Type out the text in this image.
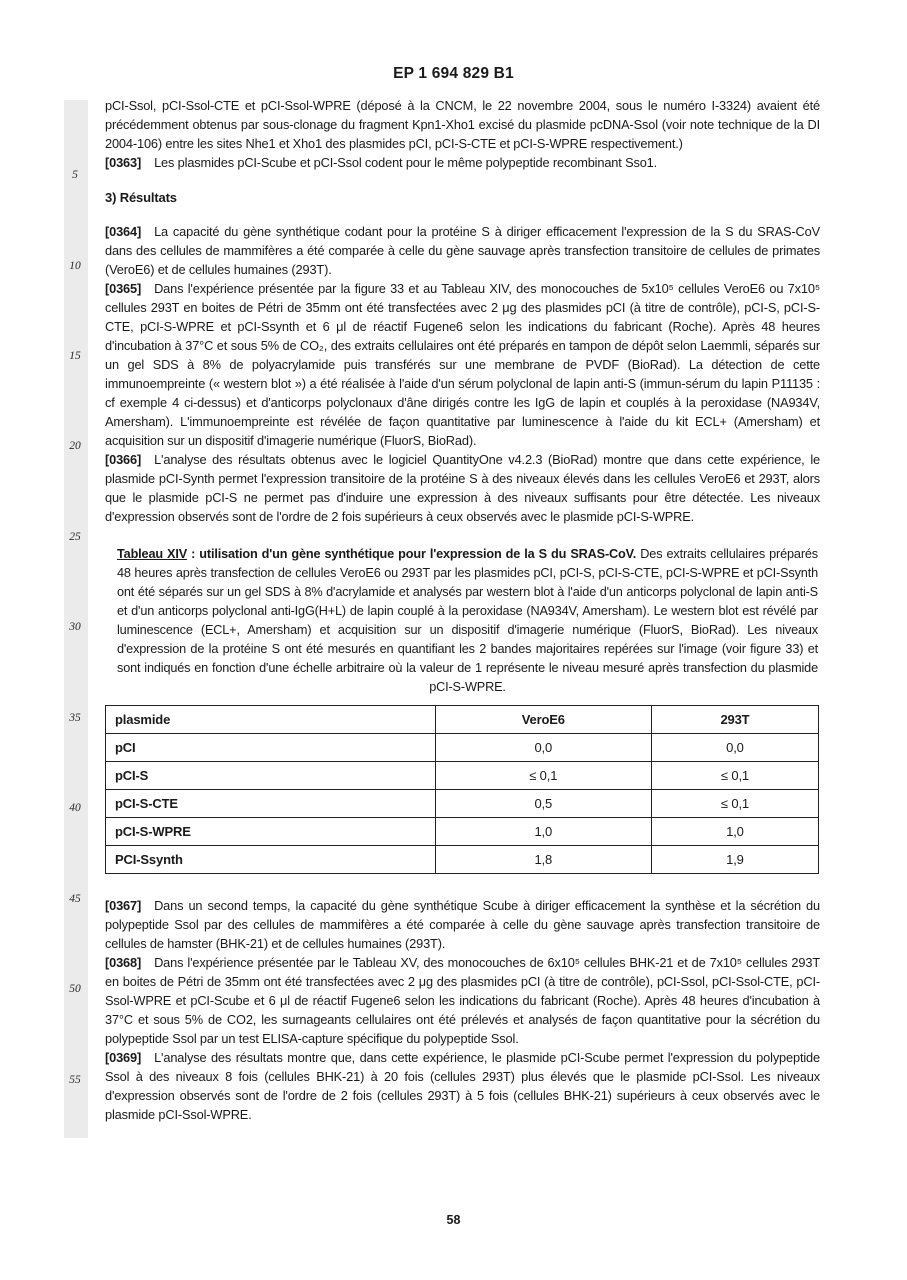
EP 1 694 829 B1
5
10
15
20
25
30
35
40
45
50
55

pCI-Ssol, pCI-Ssol-CTE et pCI-Ssol-WPRE (déposé à la CNCM, le 22 novembre 2004, sous le numéro I-3324) avaient été précédemment obtenus par sous-clonage du fragment Kpn1-Xho1 excisé du plasmide pcDNA-Ssol (voir note technique de la DI 2004-106) entre les sites Nhe1 et Xho1 des plasmides pCI, pCI-S-CTE et pCI-S-WPRE respectivement.)

[0363] Les plasmides pCI-Scube et pCI-Ssol codent pour le même polypeptide recombinant Sso1.

3) Résultats

[0364] La capacité du gène synthétique codant pour la protéine S à diriger efficacement l'expression de la S du SRAS-CoV dans des cellules de mammifères a été comparée à celle du gène sauvage après transfection transitoire de cellules de primates (VeroE6) et de cellules humaines (293T).

[0365] Dans l'expérience présentée par la figure 33 et au Tableau XIV, des monocouches de 5x10⁵ cellules VeroE6 ou 7x10⁵ cellules 293T en boites de Pétri de 35mm ont été transfectées avec 2 μg des plasmides pCI (à titre de contrôle), pCI-S, pCI-S-CTE, pCI-S-WPRE et pCI-Ssynth et 6 μl de réactif Fugene6 selon les indications du fabricant (Roche). Après 48 heures d'incubation à 37°C et sous 5% de CO₂, des extraits cellulaires ont été préparés en tampon de dépôt selon Laemmli, séparés sur un gel SDS à 8% de polyacrylamide puis transférés sur une membrane de PVDF (BioRad). La détection de cette immunoempreinte (« western blot ») a été réalisée à l'aide d'un sérum polyclonal de lapin anti-S (immun-sérum du lapin P11135 : cf exemple 4 ci-dessus) et d'anticorps polyclonaux d'âne dirigés contre les IgG de lapin et couplés à la peroxidase (NA934V, Amersham). L'immunoempreinte est révélée de façon quantitative par luminescence à l'aide du kit ECL+ (Amersham) et acquisition sur un dispositif d'imagerie numérique (FluorS, BioRad).

[0366] L'analyse des résultats obtenus avec le logiciel QuantityOne v4.2.3 (BioRad) montre que dans cette expérience, le plasmide pCI-Synth permet l'expression transitoire de la protéine S à des niveaux élevés dans les cellules VeroE6 et 293T, alors que le plasmide pCI-S ne permet pas d'induire une expression à des niveaux suffisants pour être détectée. Les niveaux d'expression observés sont de l'ordre de 2 fois supérieurs à ceux observés avec le plasmide pCI-S-WPRE.

Tableau XIV : utilisation d'un gène synthétique pour l'expression de la S du SRAS-CoV. Des extraits cellulaires préparés 48 heures après transfection de cellules VeroE6 ou 293T par les plasmides pCI, pCI-S, pCI-S-CTE, pCI-S-WPRE et pCI-Ssynth ont été séparés sur un gel SDS à 8% d'acrylamide et analysés par western blot à l'aide d'un anticorps polyclonal de lapin anti-S et d'un anticorps polyclonal anti-IgG(H+L) de lapin couplé à la peroxidase (NA934V, Amersham). Le western blot est révélé par luminescence (ECL+, Amersham) et acquisition sur un dispositif d'imagerie numérique (FluorS, BioRad). Les niveaux d'expression de la protéine S ont été mesurés en quantifiant les 2 bandes majoritaires repérées sur l'image (voir figure 33) et sont indiqués en fonction d'une échelle arbitraire où la valeur de 1 représente le niveau mesuré après transfection du plasmide pCI-S-WPRE.
plasmide	VeroE6	293T
pCI	0,0	0,0
pCI-S	≤ 0,1	≤ 0,1
pCI-S-CTE	0,5	≤ 0,1
pCI-S-WPRE	1,0	1,0
PCI-Ssynth	1,8	1,9

[0367] Dans un second temps, la capacité du gène synthétique Scube à diriger efficacement la synthèse et la sécrétion du polypeptide Ssol par des cellules de mammifères a été comparée à celle du gène sauvage après transfection transitoire de cellules de hamster (BHK-21) et de cellules humaines (293T).

[0368] Dans l'expérience présentée par le Tableau XV, des monocouches de 6x10⁵ cellules BHK-21 et de 7x10⁵ cellules 293T en boites de Pétri de 35mm ont été transfectées avec 2 μg des plasmides pCI (à titre de contrôle), pCI-Ssol, pCI-Ssol-CTE, pCI-Ssol-WPRE et pCI-Scube et 6 μl de réactif Fugene6 selon les indications du fabricant (Roche). Après 48 heures d'incubation à 37°C et sous 5% de CO2, les surnageants cellulaires ont été prélevés et analysés de façon quantitative pour la sécrétion du polypeptide Ssol par un test ELISA-capture spécifique du polypeptide Ssol.

[0369] L'analyse des résultats montre que, dans cette expérience, le plasmide pCI-Scube permet l'expression du polypeptide Ssol à des niveaux 8 fois (cellules BHK-21) à 20 fois (cellules 293T) plus élevés que le plasmide pCI-Ssol. Les niveaux d'expression observés sont de l'ordre de 2 fois (cellules 293T) à 5 fois (cellules BHK-21) supérieurs à ceux observés avec le plasmide pCI-Ssol-WPRE.

58
